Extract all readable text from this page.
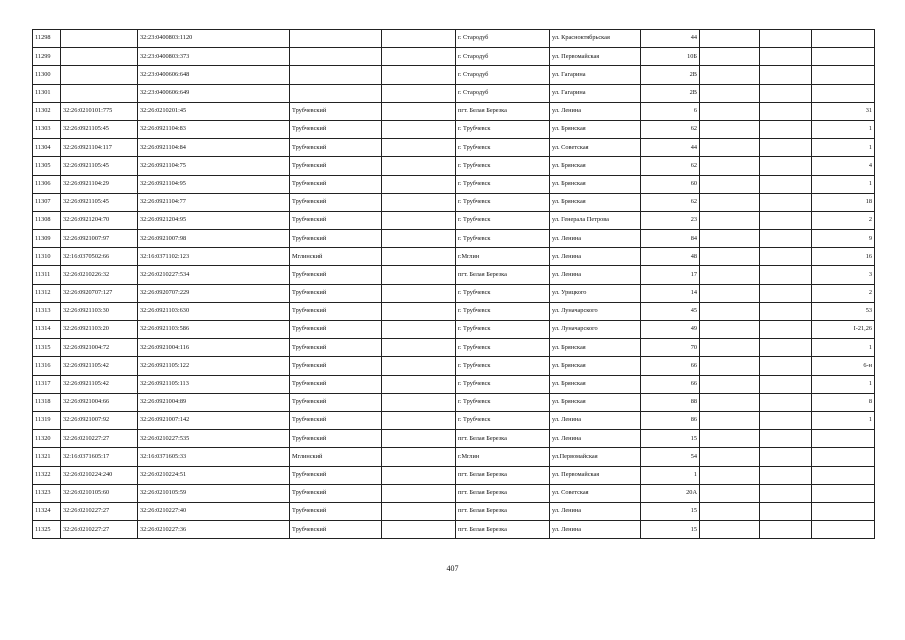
11298		32:23:0400803:1120			г. Стародуб	ул. Красноктябрьская	44			
11299		32:23:0400803:373			г. Стародуб	ул. Первомайская	10Б			
11300		32:23:0400606:648			г. Стародуб	ул. Гагарина	2В			
11301		32:23:0400606:649			г. Стародуб	ул. Гагарина	2В			
11302	32:26:0210101:775	32:26:0210201:45	Трубчевский		пгт. Белая Березка	ул. Ленина	6			31
11303	32:26:0921105:45	32:26:0921104:83	Трубчевский		г. Трубчевск	ул. Брянская	62			1
11304	32:26:0921104:117	32:26:0921104:84	Трубчевский		г. Трубчевск	ул. Советская	44			1
11305	32:26:0921105:45	32:26:0921104:75	Трубчевский		г. Трубчевск	ул. Брянская	62			4
11306	32:26:0921104:29	32:26:0921104:95	Трубчевский		г. Трубчевск	ул. Брянская	60			1
11307	32:26:0921105:45	32:26:0921104:77	Трубчевский		г. Трубчевск	ул. Брянская	62			18
11308	32:26:0921204:70	32:26:0921204:95	Трубчевский		г. Трубчевск	ул. Генерала Петрова	23			2
11309	32:26:0921007:97	32:26:0921007:98	Трубчевский		г. Трубчевск	ул. Ленина	84			9
11310	32:16:0370502:66	32:16:0371102:123	Мглинский		г.Мглин	ул. Ленина	48			16
11311	32:26:0210226:32	32:26:0210227:534	Трубчевский		пгт. Белая Березка	ул. Ленина	17			3
11312	32:26:0920707:127	32:26:0920707:229	Трубчевский		г. Трубчевск	ул. Урицкого	14			2
11313	32:26:0921103:30	32:26:0921103:630	Трубчевский		г. Трубчевск	ул. Луначарского	45			53
11314	32:26:0921103:20	32:26:0921103:586	Трубчевский		г. Трубчевск	ул. Луначарского	49			I-21,26
11315	32:26:0921004:72	32:26:0921004:116	Трубчевский		г. Трубчевск	ул. Брянская	70			1
11316	32:26:0921105:42	32:26:0921105:122	Трубчевский		г. Трубчевск	ул. Брянская	66			6-н
11317	32:26:0921105:42	32:26:0921105:113	Трубчевский		г. Трубчевск	ул. Брянская	66			1
11318	32:26:0921004:66	32:26:0921004:89	Трубчевский		г. Трубчевск	ул. Брянская	88			8
11319	32:26:0921007:92	32:26:0921007:142	Трубчевский		г. Трубчевск	ул. Ленина	86			1
11320	32:26:0210227:27	32:26:0210227:535	Трубчевский		пгт. Белая Березка	ул. Ленина	15			
11321	32:16:0371605:17	32:16:0371605:33	Мглинский		г.Мглин	ул.Первомайская	54			
11322	32:26:0210224:240	32:26:0210224:51	Трубчевский		пгт. Белая Березка	ул. Первомайская	1			
11323	32:26:0210105:60	32:26:0210105:59	Трубчевский		пгт. Белая Березка	ул. Советская	20А			
11324	32:26:0210227:27	32:26:0210227:40	Трубчевский		пгт. Белая Березка	ул. Ленина	15			
11325	32:26:0210227:27	32:26:0210227:36	Трубчевский		пгт. Белая Березка	ул. Ленина	15			
407
